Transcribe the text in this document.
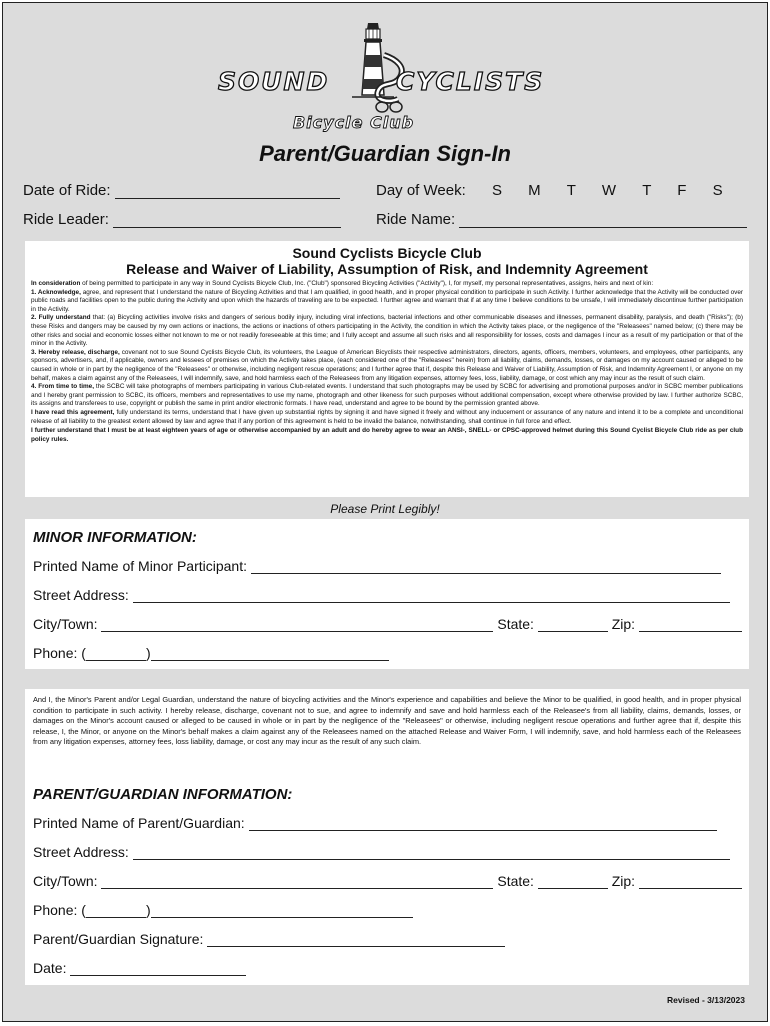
SOUND	CYCLISTS
Bicycle Club
Parent/Guardian Sign-In
Date of Ride:	Day of Week: S M T W T F S
Ride Leader:	Ride Name:
Sound Cyclists Bicycle Club
Release and Waiver of Liability, Assumption of Risk, and Indemnity Agreement

In consideration of being permitted to participate in any way in Sound Cyclists Bicycle Club, Inc. ("Club") sponsored Bicycling Activities ("Activity"), I, for myself, my personal representatives, assigns, heirs and next of kin:

1. Acknowledge, agree, and represent that I understand the nature of Bicycling Activities and that I am qualified, in good health, and in proper physical condition to participate in such Activity. I further acknowledge that the Activity will be conducted over public roads and facilities open to the public during the Activity and upon which the hazards of traveling are to be expected. I further agree and warrant that if at any time I believe conditions to be unsafe, I will immediately discontinue further participation in the Activity.

2. Fully understand that: (a) Bicycling activities involve risks and dangers of serious bodily injury, including viral infections, bacterial infections and other communicable diseases and illnesses, permanent disability, paralysis, and death ("Risks"); (b) these Risks and dangers may be caused by my own actions or inactions, the actions or inactions of others participating in the Activity, the condition in which the Activity takes place, or the negligence of the "Releasees" named below; (c) there may be other risks and social and economic losses either not known to me or not readily foreseeable at this time; and I fully accept and assume all such risks and all responsibility for losses, costs and damages I incur as a result of my participation or that of the minor in the Activity.

3. Hereby release, discharge, covenant not to sue Sound Cyclists Bicycle Club, its volunteers, the League of American Bicyclists their respective administrators, directors, agents, officers, members, volunteers, and employees, other participants, any sponsors, advertisers, and, if applicable, owners and lessees of premises on which the Activity takes place, (each considered one of the "Releasees" herein) from all liability, claims, demands, losses, or damages on my account caused or alleged to be caused in whole or in part by the negligence of the "Releasees" or otherwise, including negligent rescue operations; and I further agree that if, despite this Release and Waiver of Liability, Assumption of Risk, and Indemnity Agreement I, or anyone on my behalf, makes a claim against any of the Releasees, I will indemnify, save, and hold harmless each of the Releasees from any litigation expenses, attorney fees, loss, liability, damage, or cost which any may incur as the result of such claim.

4. From time to time, the SCBC will take photographs of members participating in various Club-related events. I understand that such photographs may be used by SCBC for advertising and promotional purposes and/or in SCBC member publications and I hereby grant permission to SCBC, its officers, members and representatives to use my name, photograph and other likeness for such purposes without additional compensation, except where otherwise provided by law. I further authorize SCBC, its assigns and transferees to use, copyright or publish the same in print and/or electronic formats. I have read, understand and agree to be bound by the permission granted above.

I have read this agreement, fully understand its terms, understand that I have given up substantial rights by signing it and have signed it freely and without any inducement or assurance of any nature and intend it to be a complete and unconditional release of all liability to the greatest extent allowed by law and agree that if any portion of this agreement is held to be invalid the balance, notwithstanding, shall continue in full force and effect.

I further understand that I must be at least eighteen years of age or otherwise accompanied by an adult and do hereby agree to wear an ANSI-, SNELL- or CPSC-approved helmet during this Sound Cyclist Bicycle Club ride as per club policy rules.

Please Print Legibly!
MINOR INFORMATION:
Printed Name of Minor Participant:
Street Address:
City/Town:	State:	Zip:
Phone: (	)

And I, the Minor's Parent and/or Legal Guardian, understand the nature of bicycling activities and the Minor's experience and capabilities and believe the Minor to be qualified, in good health, and in proper physical condition to participate in such activity. I hereby release, discharge, covenant not to sue, and agree to indemnify and save and hold harmless each of the Releasee's from all liability, claims, demands, losses, or damages on the Minor's account caused or alleged to be caused in whole or in part by the negligence of the "Releasees" or otherwise, including negligent rescue operations and further agree that if, despite this release, I, the Minor, or anyone on the Minor's behalf makes a claim against any of the Releasees named on the attached Release and Waiver Form, I will indemnify, save, and hold harmless each of the Releasees from any litigation expenses, attorney fees, loss liability, damage, or cost any may incur as the result of any such claim.

PARENT/GUARDIAN INFORMATION:
Printed Name of Parent/Guardian:
Street Address:
City/Town:	State:	Zip:
Phone: (	)
Parent/Guardian Signature:
Date:
Revised - 3/13/2023
